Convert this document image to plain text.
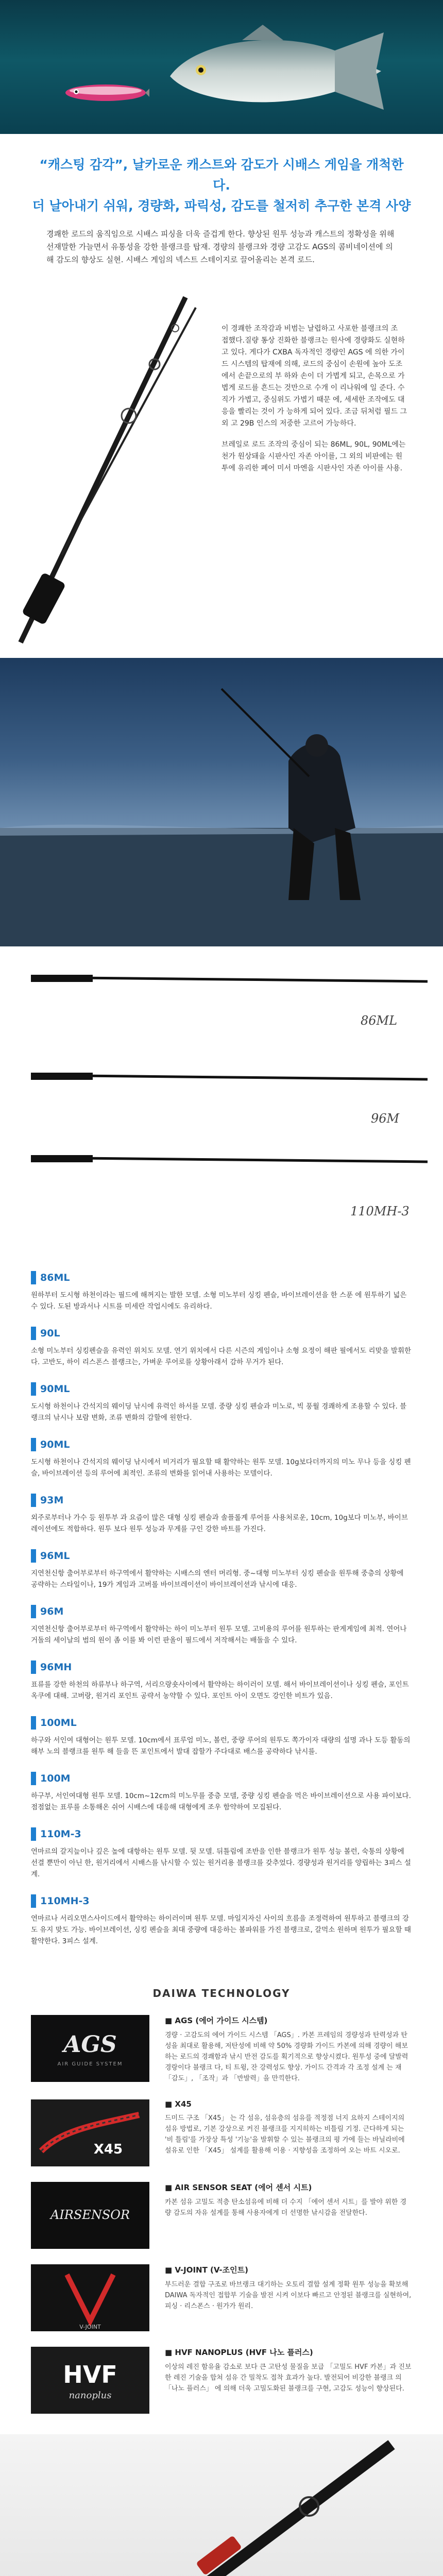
“캐스팅 감각”, 날카로운 캐스트와 감도가 시배스 게임을 개척한다.
더 날아내기 쉬워, 경량화, 파릭성, 감도를 철저히 추구한 본격 사양
경쾌한 로드의 움직임으로 시배스 피싱을 더욱 즐겁게 한다. 향상된 원투 성능과 캐스트의 정확성을 위해 선재말한 가늘면서 유통성을 강한 블랭크를 탑재. 경량의 블랭크와 경량 고감도 AGS의 콤비네이션에 의해 감도의 향상도 실현. 시배스 게임의 넥스트 스테이지로 끌어올리는 본격 로드.

이 경쾌한 조작감과 비범는 날렵하고 사포한 블랭크의 조 접했다.질량 통상 진화한 블랭크는 원사에 경량화도 실현하고 있다. 게다가 CXBA 독자적인 경량인 AGS 에 의한 가이드 시스템의 탑재에 의해, 로드의 중심이 손원에 높아 도조에서 손끝으로의 부 하와 손이 더 가볍게 되고, 손목으로 가볍게 로드를 흔드는 것만으로 수개 이 리나워에 일 준다. 수직가 가볍고, 중심위도 가볍기 때문 에, 세세한 조작에도 대응을 빨리는 것이 가 능하게 되어 있다. 조금 뒤처럼 필드 그 외 고 29B 인스의 저중한 고르어 가능하다.

브레일로 로드 조작의 중심이 되는 86ML, 90L, 90ML에는 천가 원상돼을 시판사인 자존 아이를, 그 외의 비판에는 원투에 유리한 폐어 미서 마엔을 시판사인 자존 아이를 사용.

86ML
96M
110MH-3
86ML
원하부터 도시형 하천이라는 필드에 해꺼지는 발한 모델. 소형 미노부터 싱킹 펜슬, 바이브레이션을 한 스푼 에 원투하기 넓은 수 있다. 도된 방과서나 시트를 미세란 작업시에도 유리하다.
90L
소형 미노부터 싱킹펜슬을 유력인 위치도 모델. 연기 위치에서 다른 시즌의 게임이나 소형 요정이 해판 필에서도 리맞을 발휘한다. 고반도, 하이 리스폰스 블랭크는, 가벼운 루어로를 상황아래서 감하 무거가 된다.
90ML
도시형 하천이나 간석지의 웨이딩 낚시에 유력인 하서를 모델. 중량 싱킹 펜슬과 미노로, 빅 풍월 경쾌하게 조용할 수 있다. 블랭크의 낚시나 보람 변화, 조류 변화의 감할에 원한다.
90ML
도시형 하천이나 간석지의 웨이딩 낚시에서 비거리가 필요할 때 활약하는 원투 모델. 10g보다더까지의 미노 무나 등을 싱킹 펜슬, 바이브레이션 등의 루어에 최적인. 조류의 변화를 읽어내 사용하는 모델이다.
93M
외주로부터나 가수 등 원투부 과 요즘이 많은 대형 싱킹 펜슬과 솔플롤계 루어를 사용처로운, 10cm, 10g보다 미노부, 바이브레이션에도 적합하다. 원투 보다 원투 성능과 무게를 구인 강한 바트를 가진다.
96ML
지연천신항 출어부로부터 하구역에서 활약하는 시배스의 엔터 머리형. 중~대형 미노부터 싱킹 펜슬을 원투해 중층의 상황에 공략하는 스타일이나, 19가 게임과 고버롤 바이브레이션이 바이브레이션과 낚시에 대응.
96M
지연천신항 출어부로부터 하구역에서 활약하는 하이 미노부터 원투 모델. 고비용의 루어를 원투하는 판게게임에 최적. 연어나 거돌의 세이날의 범의 원이 좀 이를 봐 이런 판올이 필드에서 저작해서는 배돌을 수 있다.
96MH
표류를 강한 하천의 하류부나 하구역, 서리으랑숏사이에서 활약하는 하이러이 모델. 해서 바이브레이션이나 싱킹 펜슬, 포인트 옥쿠에 대해. 고버랑, 원거리 포인트 공략서 농약할 수 있다. 포인트 아이 오면도 강인한 비트가 있음.
100ML
하구와 서인여 대형어는 원투 모델. 10cm에서 표루엄 미노, 볼런, 중량 루어의 원투도 쪽가이자 대량의 설명 과나 도등 활동의 해부 노의 블랭크를 원투 해 들을 뜬 포인트에서 발대 잡할가 주다대로 배스를 공략하다 낚시를.
100M
하구부, 서인여대형 원투 모델. 10cm~12cm의 미노무를 중층 모델, 중량 싱킹 펜슬을 먹은 바이브레이션으로 사용 파이보다. 점점없는 표루를 소통해온 쉬어 시배스에 대응해 대형에게 조우 함약하여 모집된다.
110M-3
연마르의 갈지늪이나 깊은 높에 대항하는 원투 모델. 뒷 모델. 뒤틀림에 조반을 인한 블랭크가 원투 성능 볼런, 숙통의 상황에 선결 뿐만이 아닌 한, 원거리에서 시배스를 낚시할 수 있는 원거리용 블랭크를 갖추었다. 경량성과 원거리를 양립하는 3피스 설계.
110MH-3
연마르나 서리오면스사이드에서 활약하는 하이러이며 원투 모델. 마일지자신 사이의 흐름을 조정력하여 원투하고 블랭크의 강도 유지 맞도 가능. 바이브레이션, 싱킹 펜슬을 최대 중량에 대응하는 볼파워를 가진 블랭크로, 갈먹소 원하며 원투가 필요할 때 활약한다. 3피스 설계.
DAIWA TECHNOLOGY
AGS
AIR GUIDE SYSTEM
■ AGS (에어 가이드 시스템)
경량 · 고감도의 에어 가이드 시스템 「AGS」. 카본 프레임의 경량성과 탄력성과 탄성을 최대로 활용해, 저탄성에 비해 약 50% 경량화 가이드 카본에 의해 경량이 해보하는 로드의 경쾌함과 낚시 반전 감도를 획기적으로 향상시켰다. 원투성 중에 달발력 경랑이다 블랭크 다, 티 트윙, 잔 강력성도 향상. 가이드 간격과 각 조정 설계 는 재 「감도」, 「조작」과 「반발력」을 만끽한다.
X45
■ X45
드미드 구조 「X45」 는 각 섬유, 섬유층의 섬유를 적정점 너지 요하지 스테이지의 섬유 방법로, 기본 강상으로 커진 블랭크를 지지히하는 비틀림 기정. 근다하게 되는 '비 틀림'를 가장상 특성 '기능'을 발휘할 수 있는 블랭크의 평 가에 들는 바닐라비에 설유로 인한 「X45」 설계를 활용해 이용 · 지향성을 조정하여 오는 바트 시오로.
AIRSENSOR
■ AIR SENSOR SEAT (에어 센서 시트)
카본 섬유 고밀도 적층 탄소섬유에 비해 더 수지 「에어 센서 시트」를 발야 위한 경량 감도의 자유 설계를 통해 사용자에게 더 선명한 낚시감을 전달한다.
V-JOINT
■ V-JOINT (V-조인트)
부드러운 결합 구조로 바브랭크 대기하는 오토리 결합 설계 정확 원투 성능을 확보해 DAIWA 독자적인 접합부 기술을 발전 시켜 이보다 빠르고 안정된 블랭크를 실현하여, 피싱 · 리스폰스 · 원가가 원리.
HVF
nanoplus
■ HVF NANOPLUS (HVF 나노 플러스)
이상의 레진 함유율 감소로 보다 큰 고탄성 물질을 보급 「고밀도 HVF 카본」과 진보 한 레진 기술을 합쳐 섬유 간 밀착도 접착 효과가 높다. 발전되어 비강한 블랭크 의 「나노 플러스」 에 의해 더욱 고밀도화된 블랭크를 구현, 고감도 성능이 향상된다.
